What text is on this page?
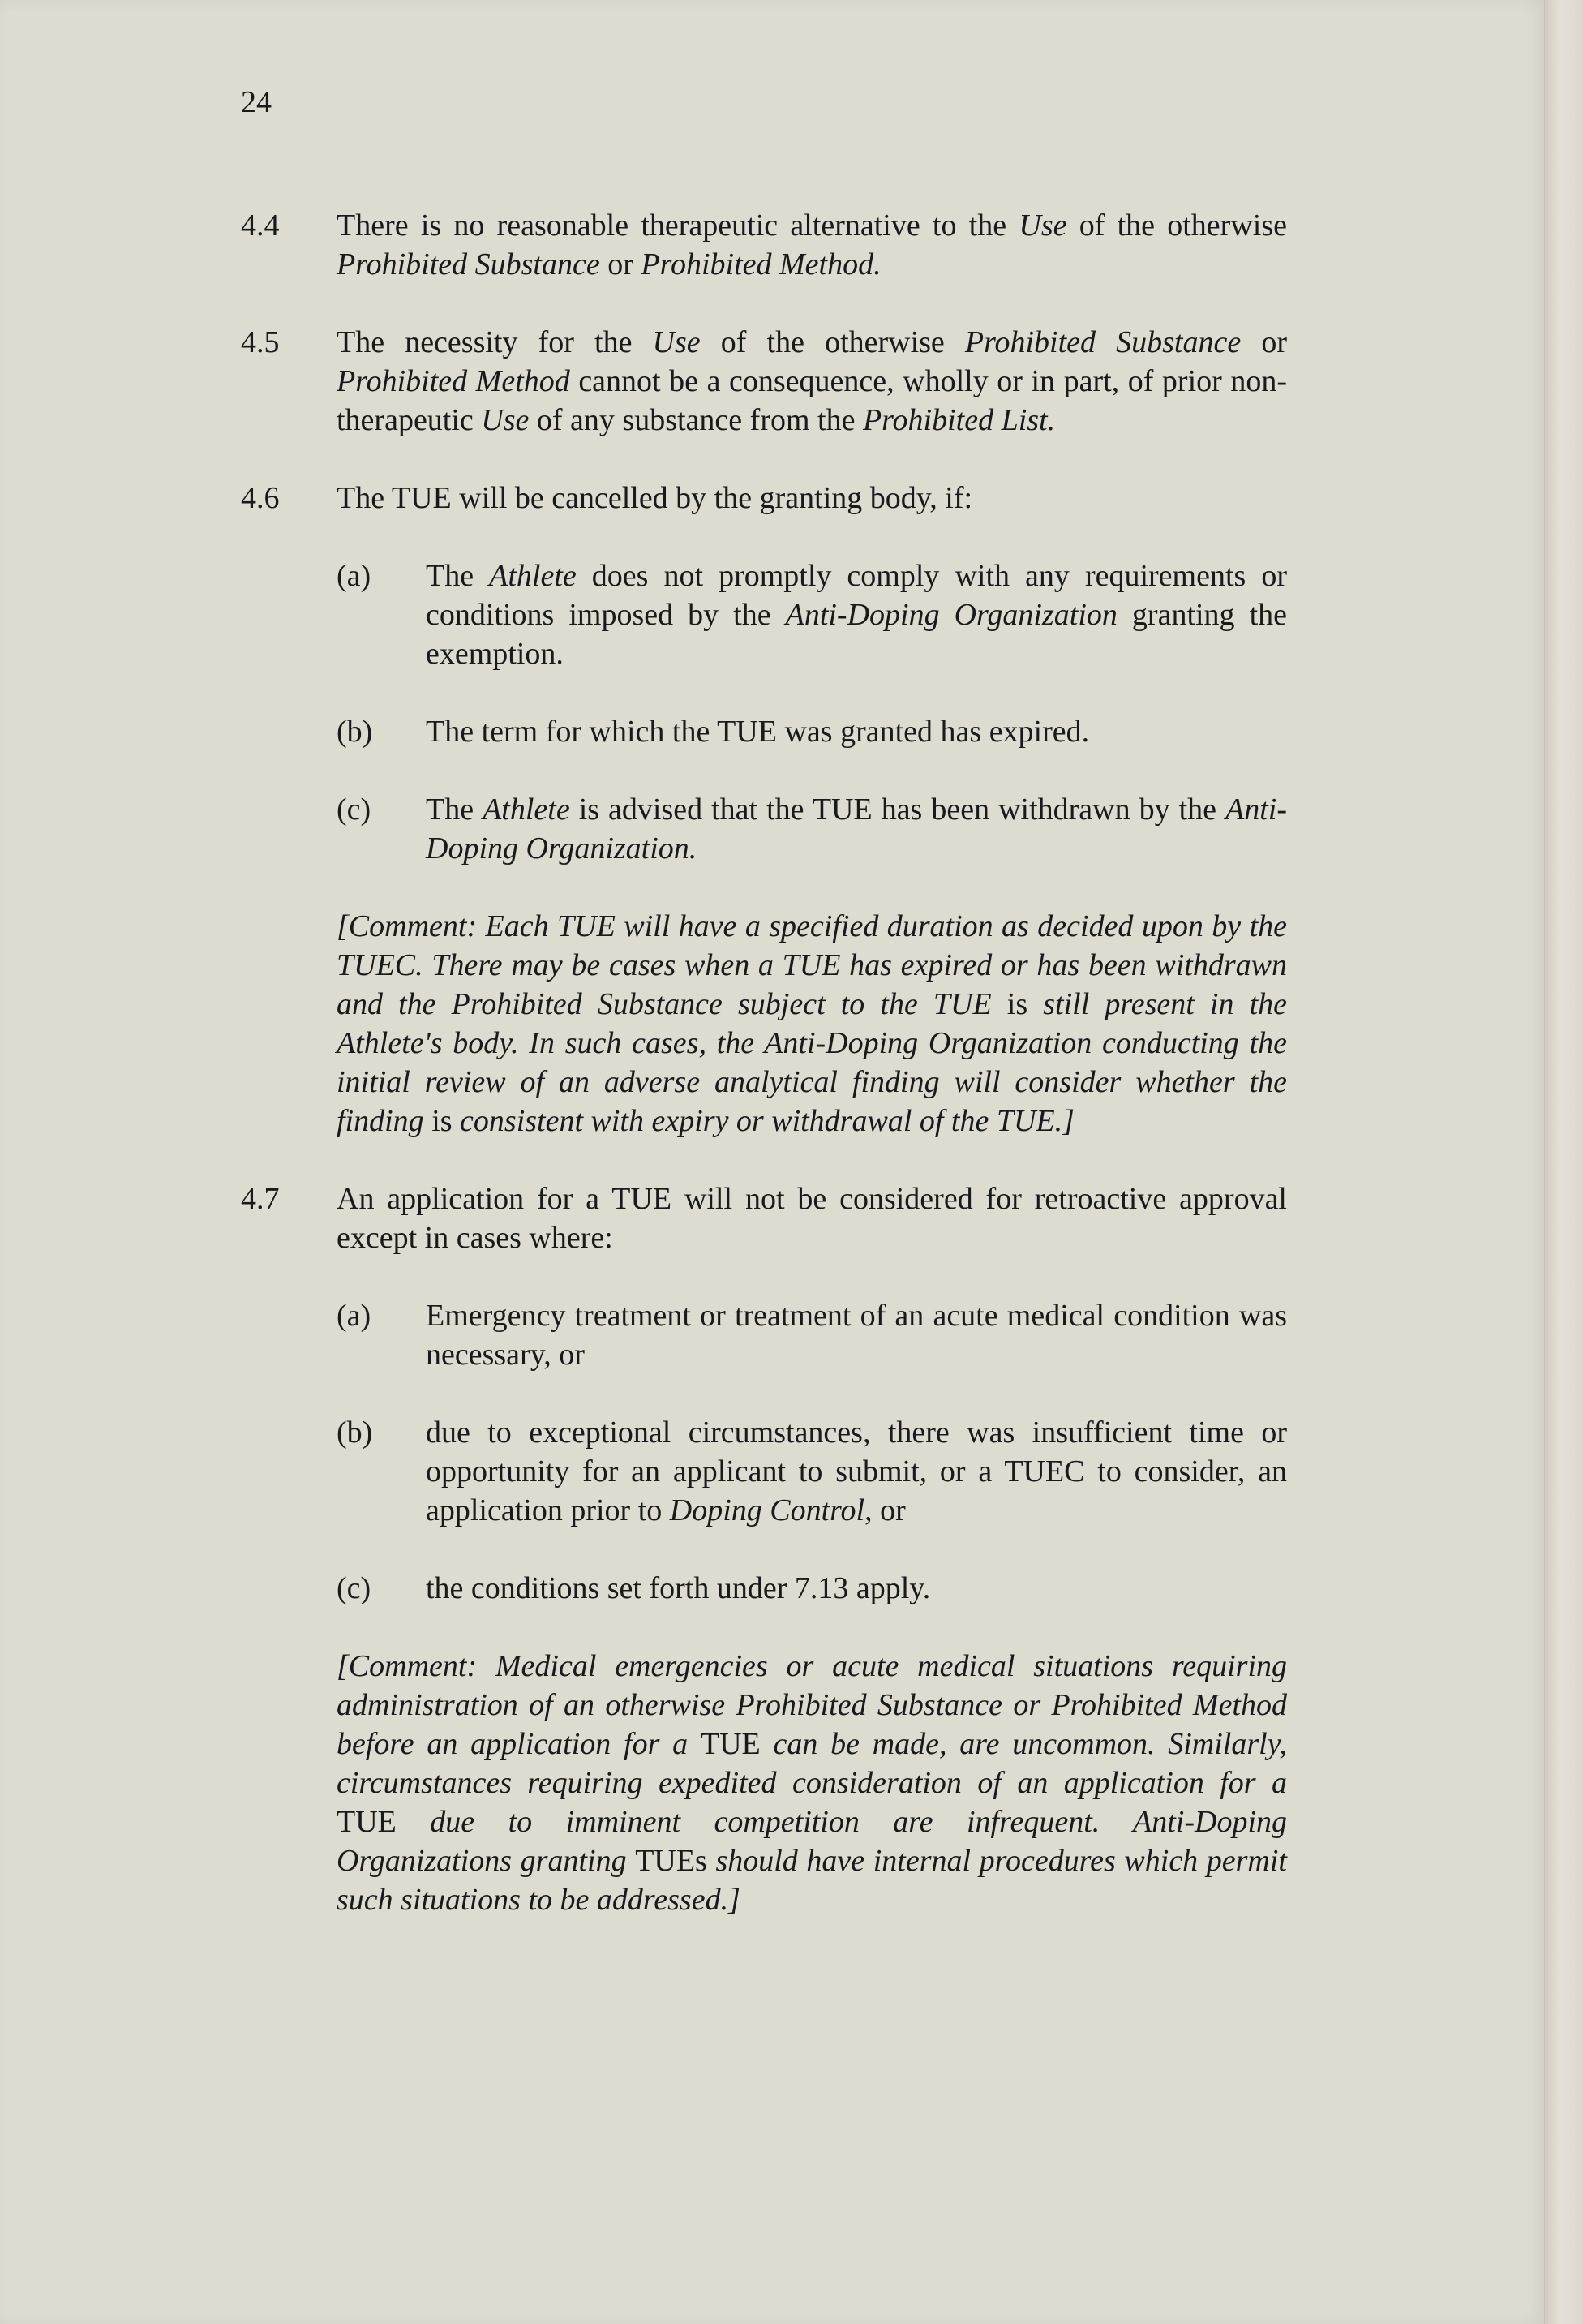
24
4.4 There is no reasonable therapeutic alternative to the Use of the otherwise Prohibited Substance or Prohibited Method.

4.5 The necessity for the Use of the otherwise Prohibited Substance or Prohibited Method cannot be a consequence, wholly or in part, of prior non-therapeutic Use of any substance from the Prohibited List.

4.6 The TUE will be cancelled by the granting body, if:

(a) The Athlete does not promptly comply with any requirements or conditions imposed by the Anti-Doping Organization granting the exemption.

(b) The term for which the TUE was granted has expired.

(c) The Athlete is advised that the TUE has been withdrawn by the Anti-Doping Organization.

[Comment: Each TUE will have a specified duration as decided upon by the TUEC. There may be cases when a TUE has expired or has been withdrawn and the Prohibited Substance subject to the TUE is still present in the Athlete's body. In such cases, the Anti-Doping Organization conducting the initial review of an adverse analytical finding will consider whether the finding is consistent with expiry or withdrawal of the TUE.]

4.7 An application for a TUE will not be considered for retroactive approval except in cases where:

(a) Emergency treatment or treatment of an acute medical condition was necessary, or

(b) due to exceptional circumstances, there was insufficient time or opportunity for an applicant to submit, or a TUEC to consider, an application prior to Doping Control, or

(c) the conditions set forth under 7.13 apply.

[Comment: Medical emergencies or acute medical situations requiring administration of an otherwise Prohibited Substance or Prohibited Method before an application for a TUE can be made, are uncommon. Similarly, circumstances requiring expedited consideration of an application for a TUE due to imminent competition are infrequent. Anti-Doping Organizations granting TUEs should have internal procedures which permit such situations to be addressed.]
